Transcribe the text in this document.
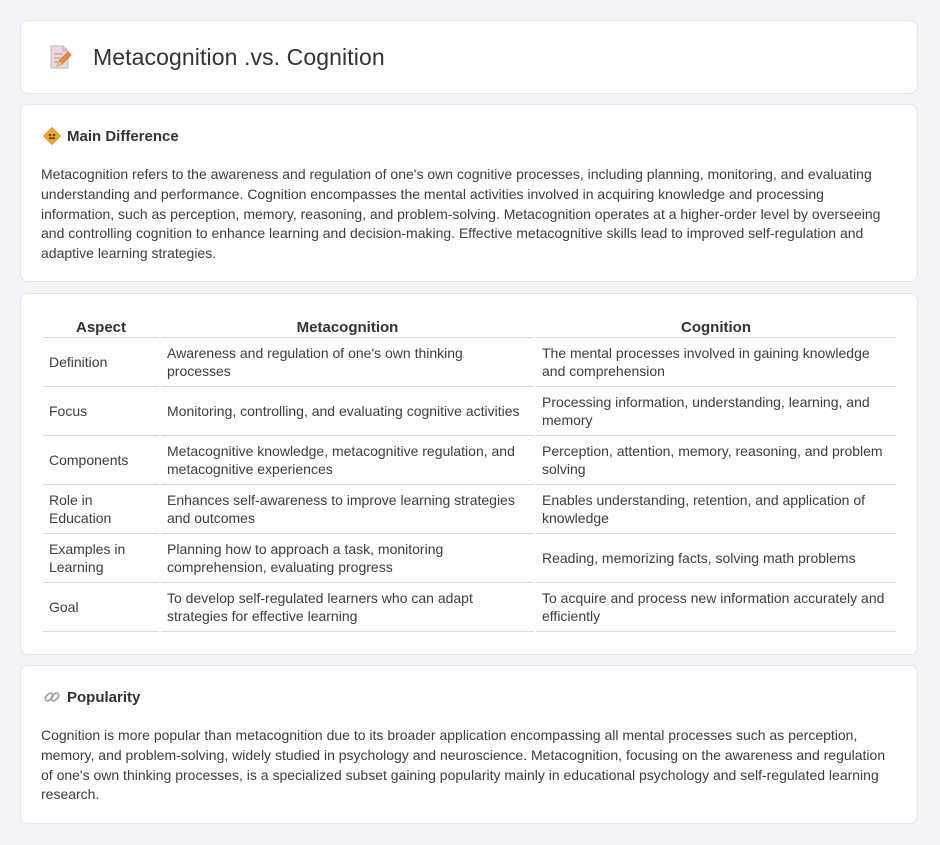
Metacognition .vs. Cognition
Main Difference
Metacognition refers to the awareness and regulation of one's own cognitive processes, including planning, monitoring, and evaluating understanding and performance. Cognition encompasses the mental activities involved in acquiring knowledge and processing information, such as perception, memory, reasoning, and problem-solving. Metacognition operates at a higher-order level by overseeing and controlling cognition to enhance learning and decision-making. Effective metacognitive skills lead to improved self-regulation and adaptive learning strategies.
Aspect	Metacognition	Cognition
Definition	Awareness and regulation of one's own thinking processes	The mental processes involved in gaining knowledge and comprehension
Focus	Monitoring, controlling, and evaluating cognitive activities	Processing information, understanding, learning, and memory
Components	Metacognitive knowledge, metacognitive regulation, and metacognitive experiences	Perception, attention, memory, reasoning, and problem solving
Role in Education	Enhances self-awareness to improve learning strategies and outcomes	Enables understanding, retention, and application of knowledge
Examples in Learning	Planning how to approach a task, monitoring comprehension, evaluating progress	Reading, memorizing facts, solving math problems
Goal	To develop self-regulated learners who can adapt strategies for effective learning	To acquire and process new information accurately and efficiently
Popularity
Cognition is more popular than metacognition due to its broader application encompassing all mental processes such as perception, memory, and problem-solving, widely studied in psychology and neuroscience. Metacognition, focusing on the awareness and regulation of one's own thinking processes, is a specialized subset gaining popularity mainly in educational psychology and self-regulated learning research.
